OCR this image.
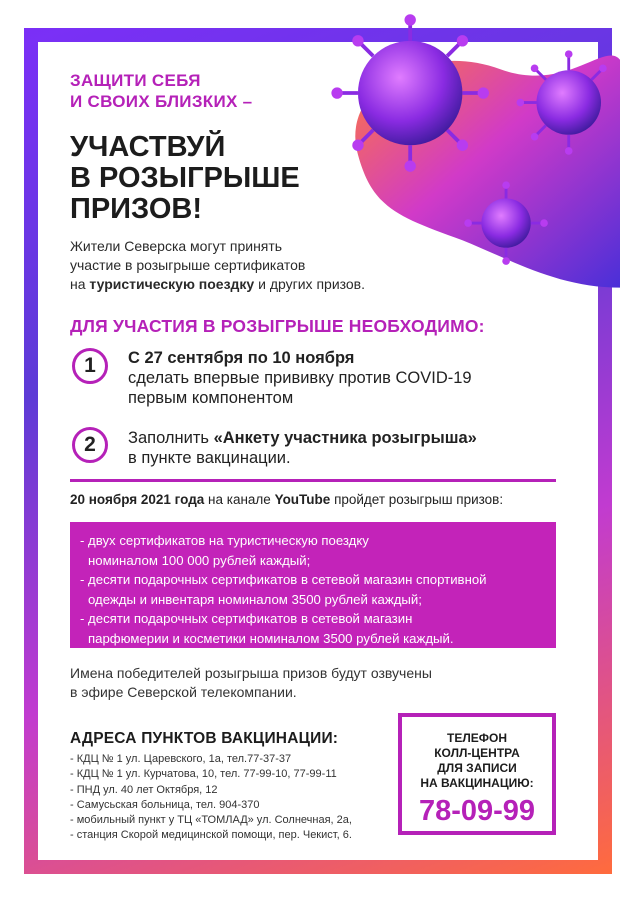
ЗАЩИТИ СЕБЯ
И СВОИХ БЛИЗКИХ –
УЧАСТВУЙ
В РОЗЫГРЫШЕ
ПРИЗОВ!
Жители Северска могут принять
участие в розыгрыше сертификатов
на туристическую поездку и других призов.
ДЛЯ УЧАСТИЯ В РОЗЫГРЫШЕ НЕОБХОДИМО:
1	С 27 сентября по 10 ноября
сделать впервые прививку против COVID-19
первым компонентом
2	Заполнить «Анкету участника розыгрыша»
в пункте вакцинации.
20 ноября 2021 года на канале YouTube пройдет розыгрыш призов:
- двух сертификатов на туристическую поездку
номиналом 100 000 рублей каждый;
- десяти подарочных сертификатов в сетевой магазин спортивной
одежды и инвентаря номиналом 3500 рублей каждый;
- десяти подарочных сертификатов в сетевой магазин
парфюмерии и косметики номиналом 3500 рублей каждый.
Имена победителей розыгрыша призов будут озвучены
в эфире Северской телекомпании.
АДРЕСА ПУНКТОВ ВАКЦИНАЦИИ:
- КДЦ № 1 ул. Царевского, 1а, тел.77-37-37
- КДЦ № 1 ул. Курчатова, 10, тел. 77-99-10, 77-99-11
- ПНД ул. 40 лет Октября, 12
- Самусьская больница, тел. 904-370
- мобильный пункт у ТЦ «ТОМЛАД» ул. Солнечная, 2а,
- станция Скорой медицинской помощи, пер. Чекист, 6.
ТЕЛЕФОН
КОЛЛ-ЦЕНТРА
ДЛЯ ЗАПИСИ
НА ВАКЦИНАЦИЮ:
78-09-99
